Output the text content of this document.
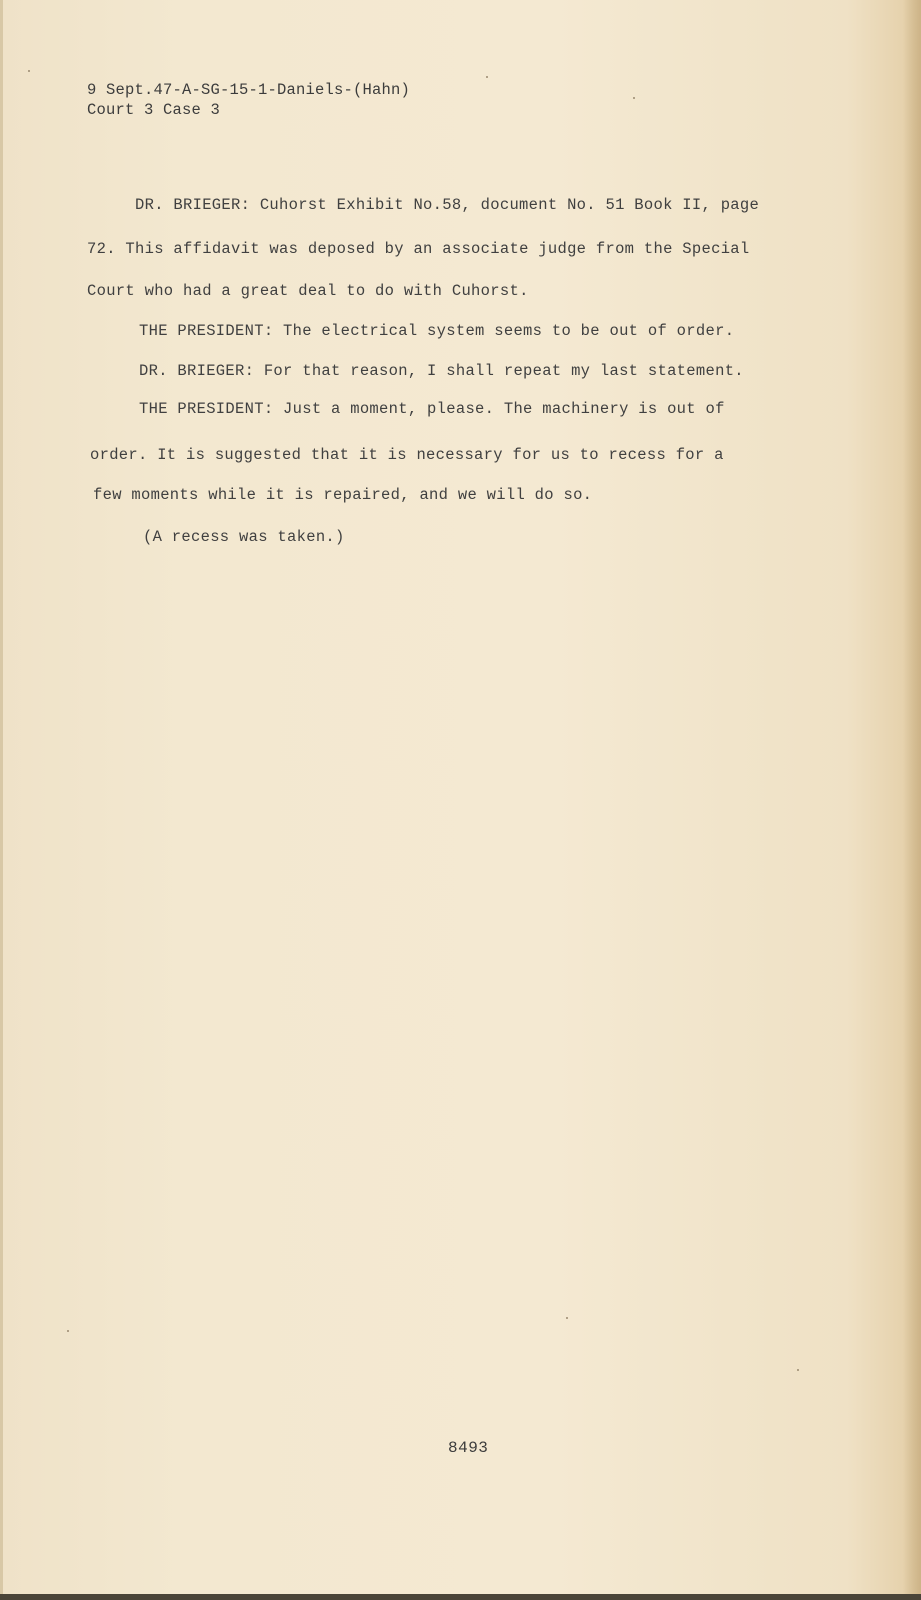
9 Sept.47-A-SG-15-1-Daniels-(Hahn)
Court 3 Case 3
DR. BRIEGER: Cuhorst Exhibit No.58, document No. 51 Book II, page
72. This affidavit was deposed by an associate judge from the Special
Court who had a great deal to do with Cuhorst.
THE PRESIDENT: The electrical system seems to be out of order.
DR. BRIEGER: For that reason, I shall repeat my last statement.
THE PRESIDENT: Just a moment, please. The machinery is out of
order. It is suggested that it is necessary for us to recess for a
few moments while it is repaired, and we will do so.
(A recess was taken.)
8493
